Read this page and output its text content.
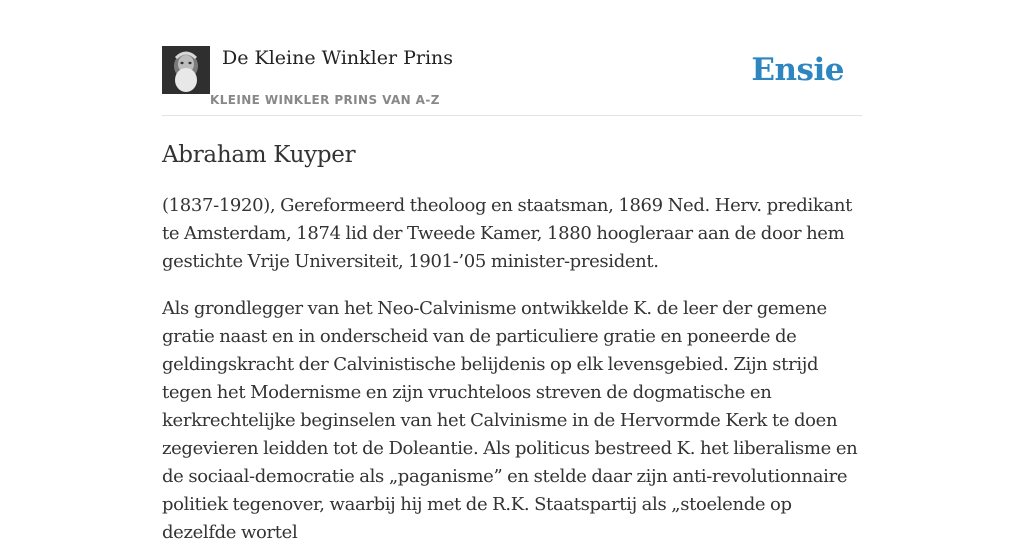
De Kleine Winkler Prins
KLEINE WINKLER PRINS VAN A-Z
Ensie
Abraham Kuyper

(1837-1920), Gereformeerd theoloog en staatsman, 1869 Ned. Herv. predikant te Amsterdam, 1874 lid der Tweede Kamer, 1880 hoogleraar aan de door hem gestichte Vrije Universiteit, 1901-’05 minister-president.

Als grondlegger van het Neo-Calvinisme ontwikkelde K. de leer der gemene gratie naast en in onderscheid van de particuliere gratie en poneerde de geldingskracht der Calvinistische belijdenis op elk levensgebied. Zijn strijd tegen het Modernisme en zijn vruchteloos streven de dogmatische en kerkrechtelijke beginselen van het Calvinisme in de Hervormde Kerk te doen zegevieren leidden tot de Doleantie. Als politicus bestreed K. het liberalisme en de sociaal-democratie als „paganisme” en stelde daar zijn anti-revolutionnaire politiek tegenover, waarbij hij met de R.K. Staatspartij als „stoelende op dezelfde wortel
